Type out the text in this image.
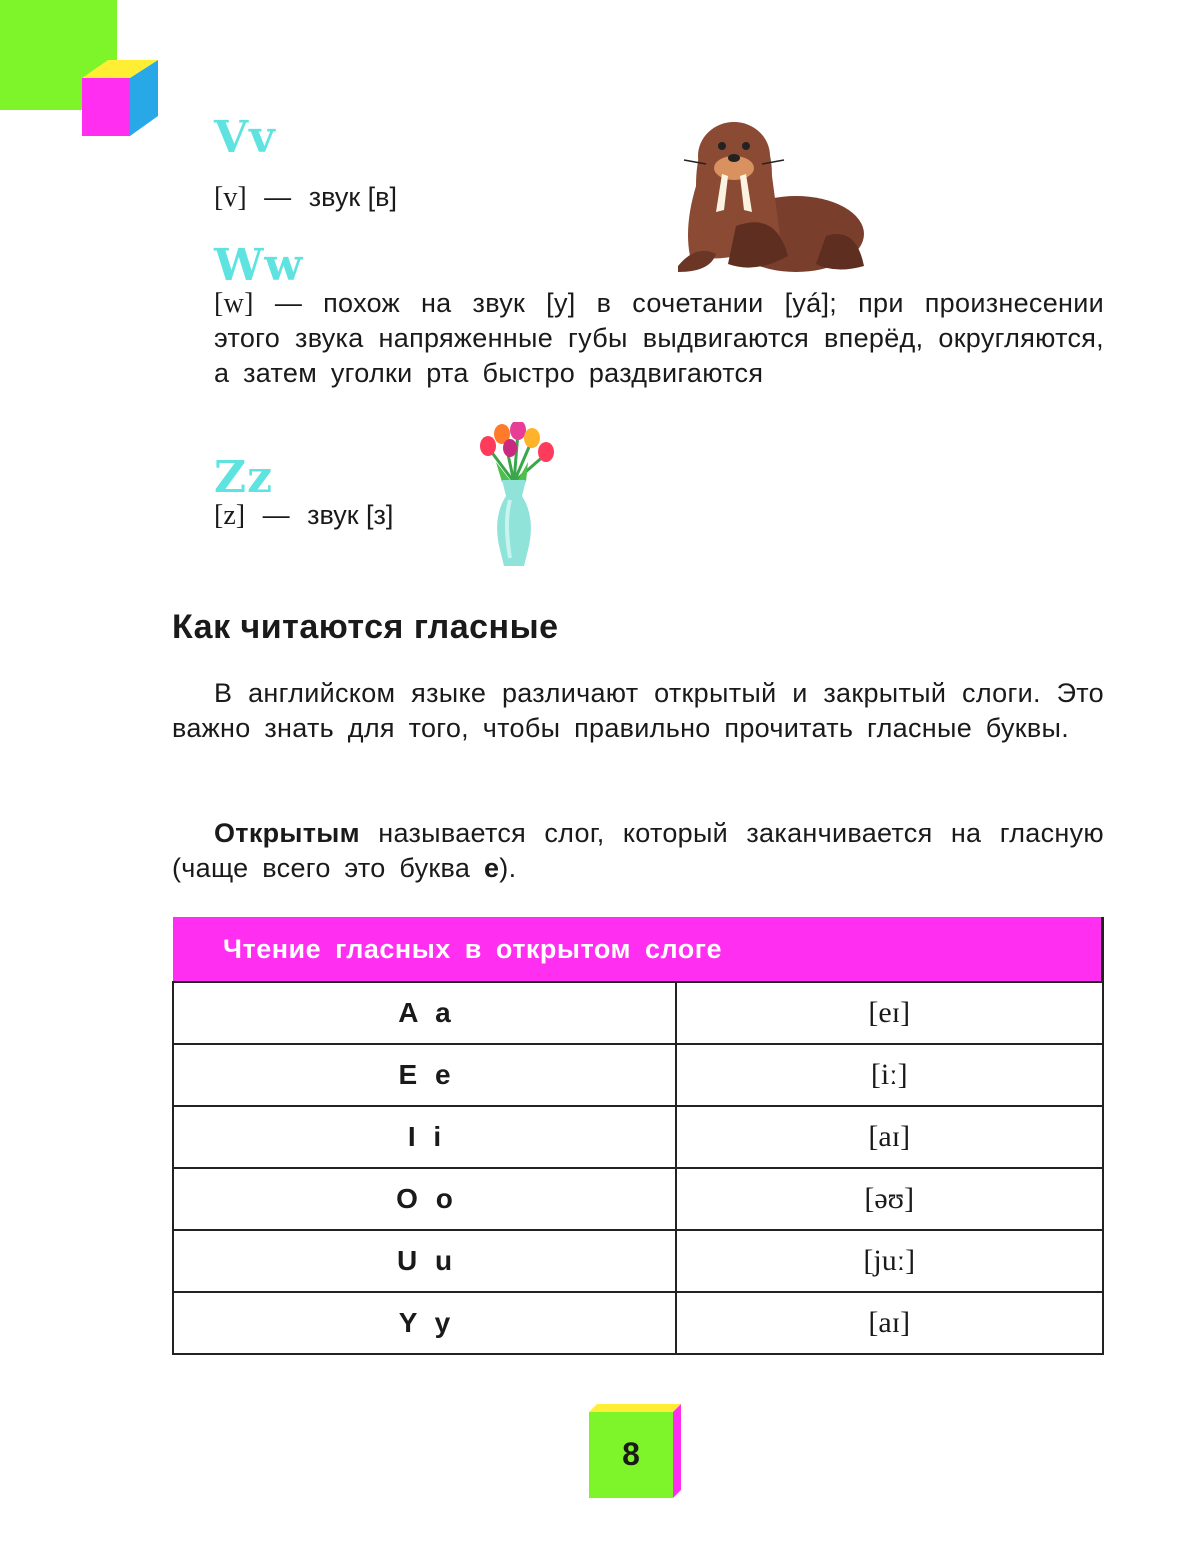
Vv
[v] — звук [в]
Ww
[w] — похож на звук [у] в сочетании [уá]; при произнесении этого звука напряженные губы выдвигаются вперёд, округляются, а затем уголки рта быстро раздвигаются
Zz
[z] — звук [з]
Как читаются гласные
В английском языке различают открытый и закрытый слоги. Это важно знать для того, чтобы правильно прочитать гласные буквы.
Открытым называется слог, который заканчивается на гласную (чаще всего это буква е).
Чтение гласных в открытом слоге	
A a	[eɪ]
E e	[iː]
I i	[aɪ]
O o	[əʊ]
U u	[juː]
Y y	[aɪ]
8
